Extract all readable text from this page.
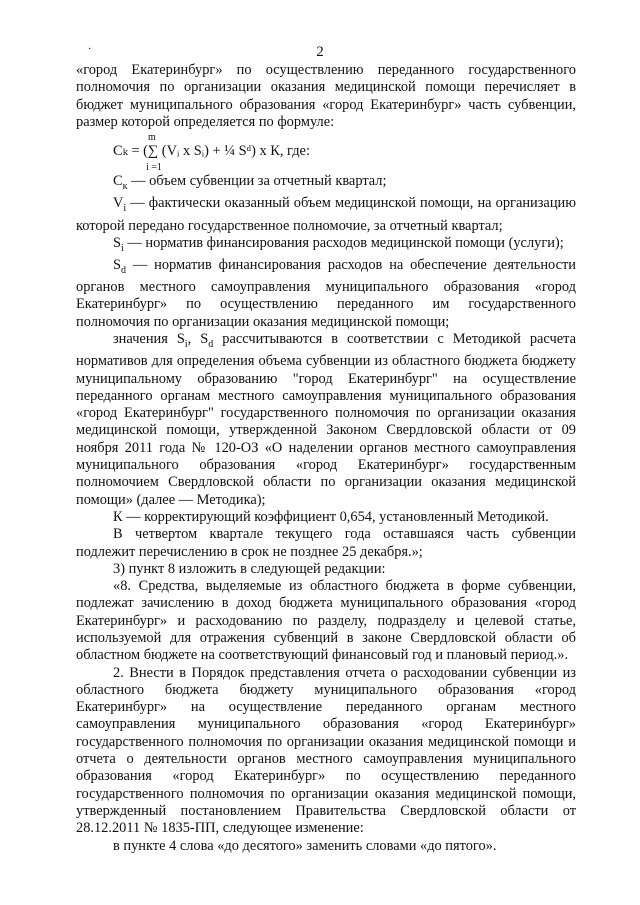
·	2

«город Екатеринбург» по осуществлению переданного государственного полномочия по организации оказания медицинской помощи перечисляет в бюджет муниципального образования «город Екатеринбург» часть субвенции, размер которой определяется по формуле:

m
Сₖ = (∑ (Vᵢ x Sᵢ) + ¼ Sᵈ) x К, где:
i =1

$С_к$ — объем субвенции за отчетный квартал;

$V_i$ — фактически оказанный объем медицинской помощи, на организацию которой передано государственное полномочие, за отчетный квартал;

$S_i$ — норматив финансирования расходов медицинской помощи (услуги);

$S_d$ — норматив финансирования расходов на обеспечение деятельности органов местного самоуправления муниципального образования «город Екатеринбург» по осуществлению переданного им государственного полномочия по организации оказания медицинской помощи;

значения $S_i$, $S_d$ рассчитываются в соответствии с Методикой расчета нормативов для определения объема субвенции из областного бюджета бюджету муниципальному образованию "город Екатеринбург" на осуществление переданного органам местного самоуправления муниципального образования «город Екатеринбург" государственного полномочия по организации оказания медицинской помощи, утвержденной Законом Свердловской области от 09 ноября 2011 года № 120-ОЗ «О наделении органов местного самоуправления муниципального образования «город Екатеринбург» государственным полномочием Свердловской области по организации оказания медицинской помощи» (далее — Методика);

К — корректирующий коэффициент 0,654, установленный Методикой.

В четвертом квартале текущего года оставшаяся часть субвенции подлежит перечислению в срок не позднее 25 декабря.»;

3) пункт 8 изложить в следующей редакции:

«8. Средства, выделяемые из областного бюджета в форме субвенции, подлежат зачислению в доход бюджета муниципального образования «город Екатеринбург» и расходованию по разделу, подразделу и целевой статье, используемой для отражения субвенций в законе Свердловской области об областном бюджете на соответствующий финансовый год и плановый период.».

2. Внести в Порядок представления отчета о расходовании субвенции из областного бюджета бюджету муниципального образования «город Екатеринбург» на осуществление переданного органам местного самоуправления муниципального образования «город Екатеринбург» государственного полномочия по организации оказания медицинской помощи и отчета о деятельности органов местного самоуправления муниципального образования «город Екатеринбург» по осуществлению переданного государственного полномочия по организации оказания медицинской помощи, утвержденный постановлением Правительства Свердловской области от 28.12.2011 № 1835-ПП, следующее изменение:

в пункте 4 слова «до десятого» заменить словами «до пятого».
